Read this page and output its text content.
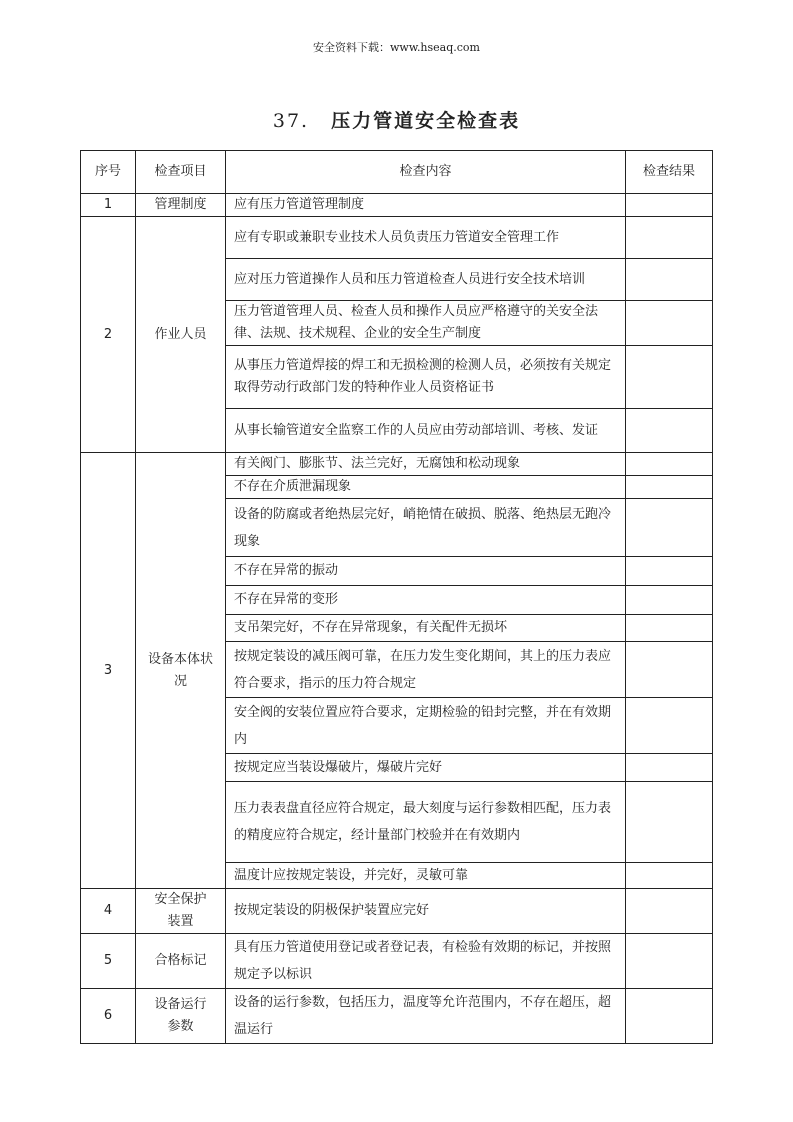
安全资料下载：www.hseaq.com
37. 压力管道安全检查表
序号	检查项目	检查内容	检查结果
1	管理制度	应有压力管道管理制度	
2	作业人员	应有专职或兼职专业技术人员负责压力管道安全管理工作	
		应对压力管道操作人员和压力管道检查人员进行安全技术培训	
		压力管道管理人员、检查人员和操作人员应严格遵守的关安全法律、法规、技术规程、企业的安全生产制度	
		从事压力管道焊接的焊工和无损检测的检测人员，必须按有关规定取得劳动行政部门发的特种作业人员资格证书	
		从事长输管道安全监察工作的人员应由劳动部培训、考核、发证	
3	设备本体状况	有关阀门、膨胀节、法兰完好，无腐蚀和松动现象	
		不存在介质泄漏现象	
		设备的防腐或者绝热层完好，峭艳情在破损、脱落、绝热层无跑冷现象	
		不存在异常的振动	
		不存在异常的变形	
		支吊架完好，不存在异常现象，有关配件无损坏	
		按规定装设的减压阀可靠，在压力发生变化期间，其上的压力表应符合要求，指示的压力符合规定	
		安全阀的安装位置应符合要求，定期检验的铅封完整，并在有效期内	
		按规定应当装设爆破片，爆破片完好	
		压力表表盘直径应符合规定，最大刻度与运行参数相匹配，压力表的精度应符合规定，经计量部门校验并在有效期内	
		温度计应按规定装设，并完好，灵敏可靠	
4	安全保护装置	按规定装设的阴极保护装置应完好	
5	合格标记	具有压力管道使用登记或者登记表，有检验有效期的标记，并按照规定予以标识	
6	设备运行参数	设备的运行参数，包括压力，温度等允许范围内，不存在超压，超温运行	
